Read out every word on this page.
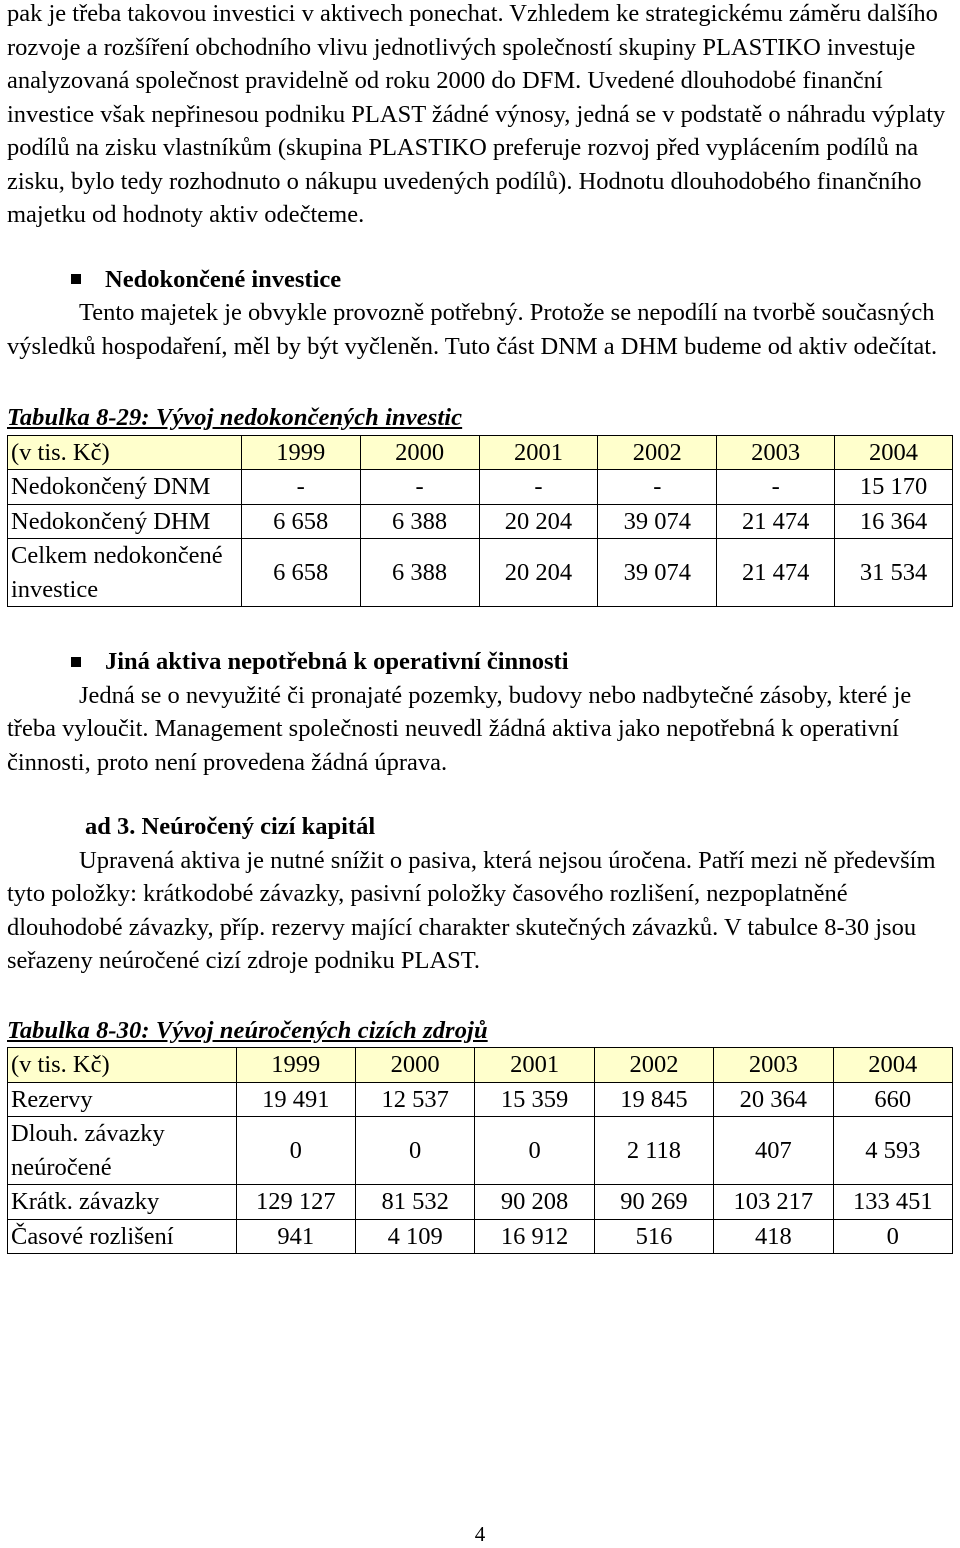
pak je třeba takovou investici v aktivech ponechat. Vzhledem ke strategickému záměru dalšího rozvoje a rozšíření obchodního vlivu jednotlivých společností skupiny PLASTIKO investuje analyzovaná společnost pravidelně od roku 2000 do DFM. Uvedené dlouhodobé finanční investice však nepřinesou podniku PLAST žádné výnosy, jedná se v podstatě o náhradu výplaty podílů na zisku vlastníkům (skupina PLASTIKO preferuje rozvoj před vyplácením podílů na zisku, bylo tedy rozhodnuto o nákupu uvedených podílů). Hodnotu dlouhodobého finančního majetku od hodnoty aktiv odečteme.

Nedokončené investice

Tento majetek je obvykle provozně potřebný. Protože se nepodílí na tvorbě současných výsledků hospodaření, měl by být vyčleněn. Tuto část DNM a DHM budeme od aktiv odečítat.

Tabulka 8-29: Vývoj nedokončených investic

(v tis. Kč)	1999	2000	2001	2002	2003	2004
Nedokončený DNM	-	-	-	-	-	15 170
Nedokončený DHM	6 658	6 388	20 204	39 074	21 474	16 364
Celkem nedokončené investice	6 658	6 388	20 204	39 074	21 474	31 534

Jiná aktiva nepotřebná k operativní činnosti

Jedná se o nevyužité či pronajaté pozemky, budovy nebo nadbytečné zásoby, které je třeba vyloučit. Management společnosti neuvedl žádná aktiva jako nepotřebná k operativní činnosti, proto není provedena žádná úprava.

ad 3. Neúročený cizí kapitál

Upravená aktiva je nutné snížit o pasiva, která nejsou úročena. Patří mezi ně především tyto položky: krátkodobé závazky, pasivní položky časového rozlišení, nezpoplatněné dlouhodobé závazky, příp. rezervy mající charakter skutečných závazků. V tabulce 8-30 jsou seřazeny neúročené cizí zdroje podniku PLAST.

Tabulka 8-30: Vývoj neúročených cizích zdrojů

(v tis. Kč)	1999	2000	2001	2002	2003	2004
Rezervy	19 491	12 537	15 359	19 845	20 364	660
Dlouh. závazky neúročené	0	0	0	2 118	407	4 593
Krátk. závazky	129 127	81 532	90 208	90 269	103 217	133 451
Časové rozlišení	941	4 109	16 912	516	418	0
4
